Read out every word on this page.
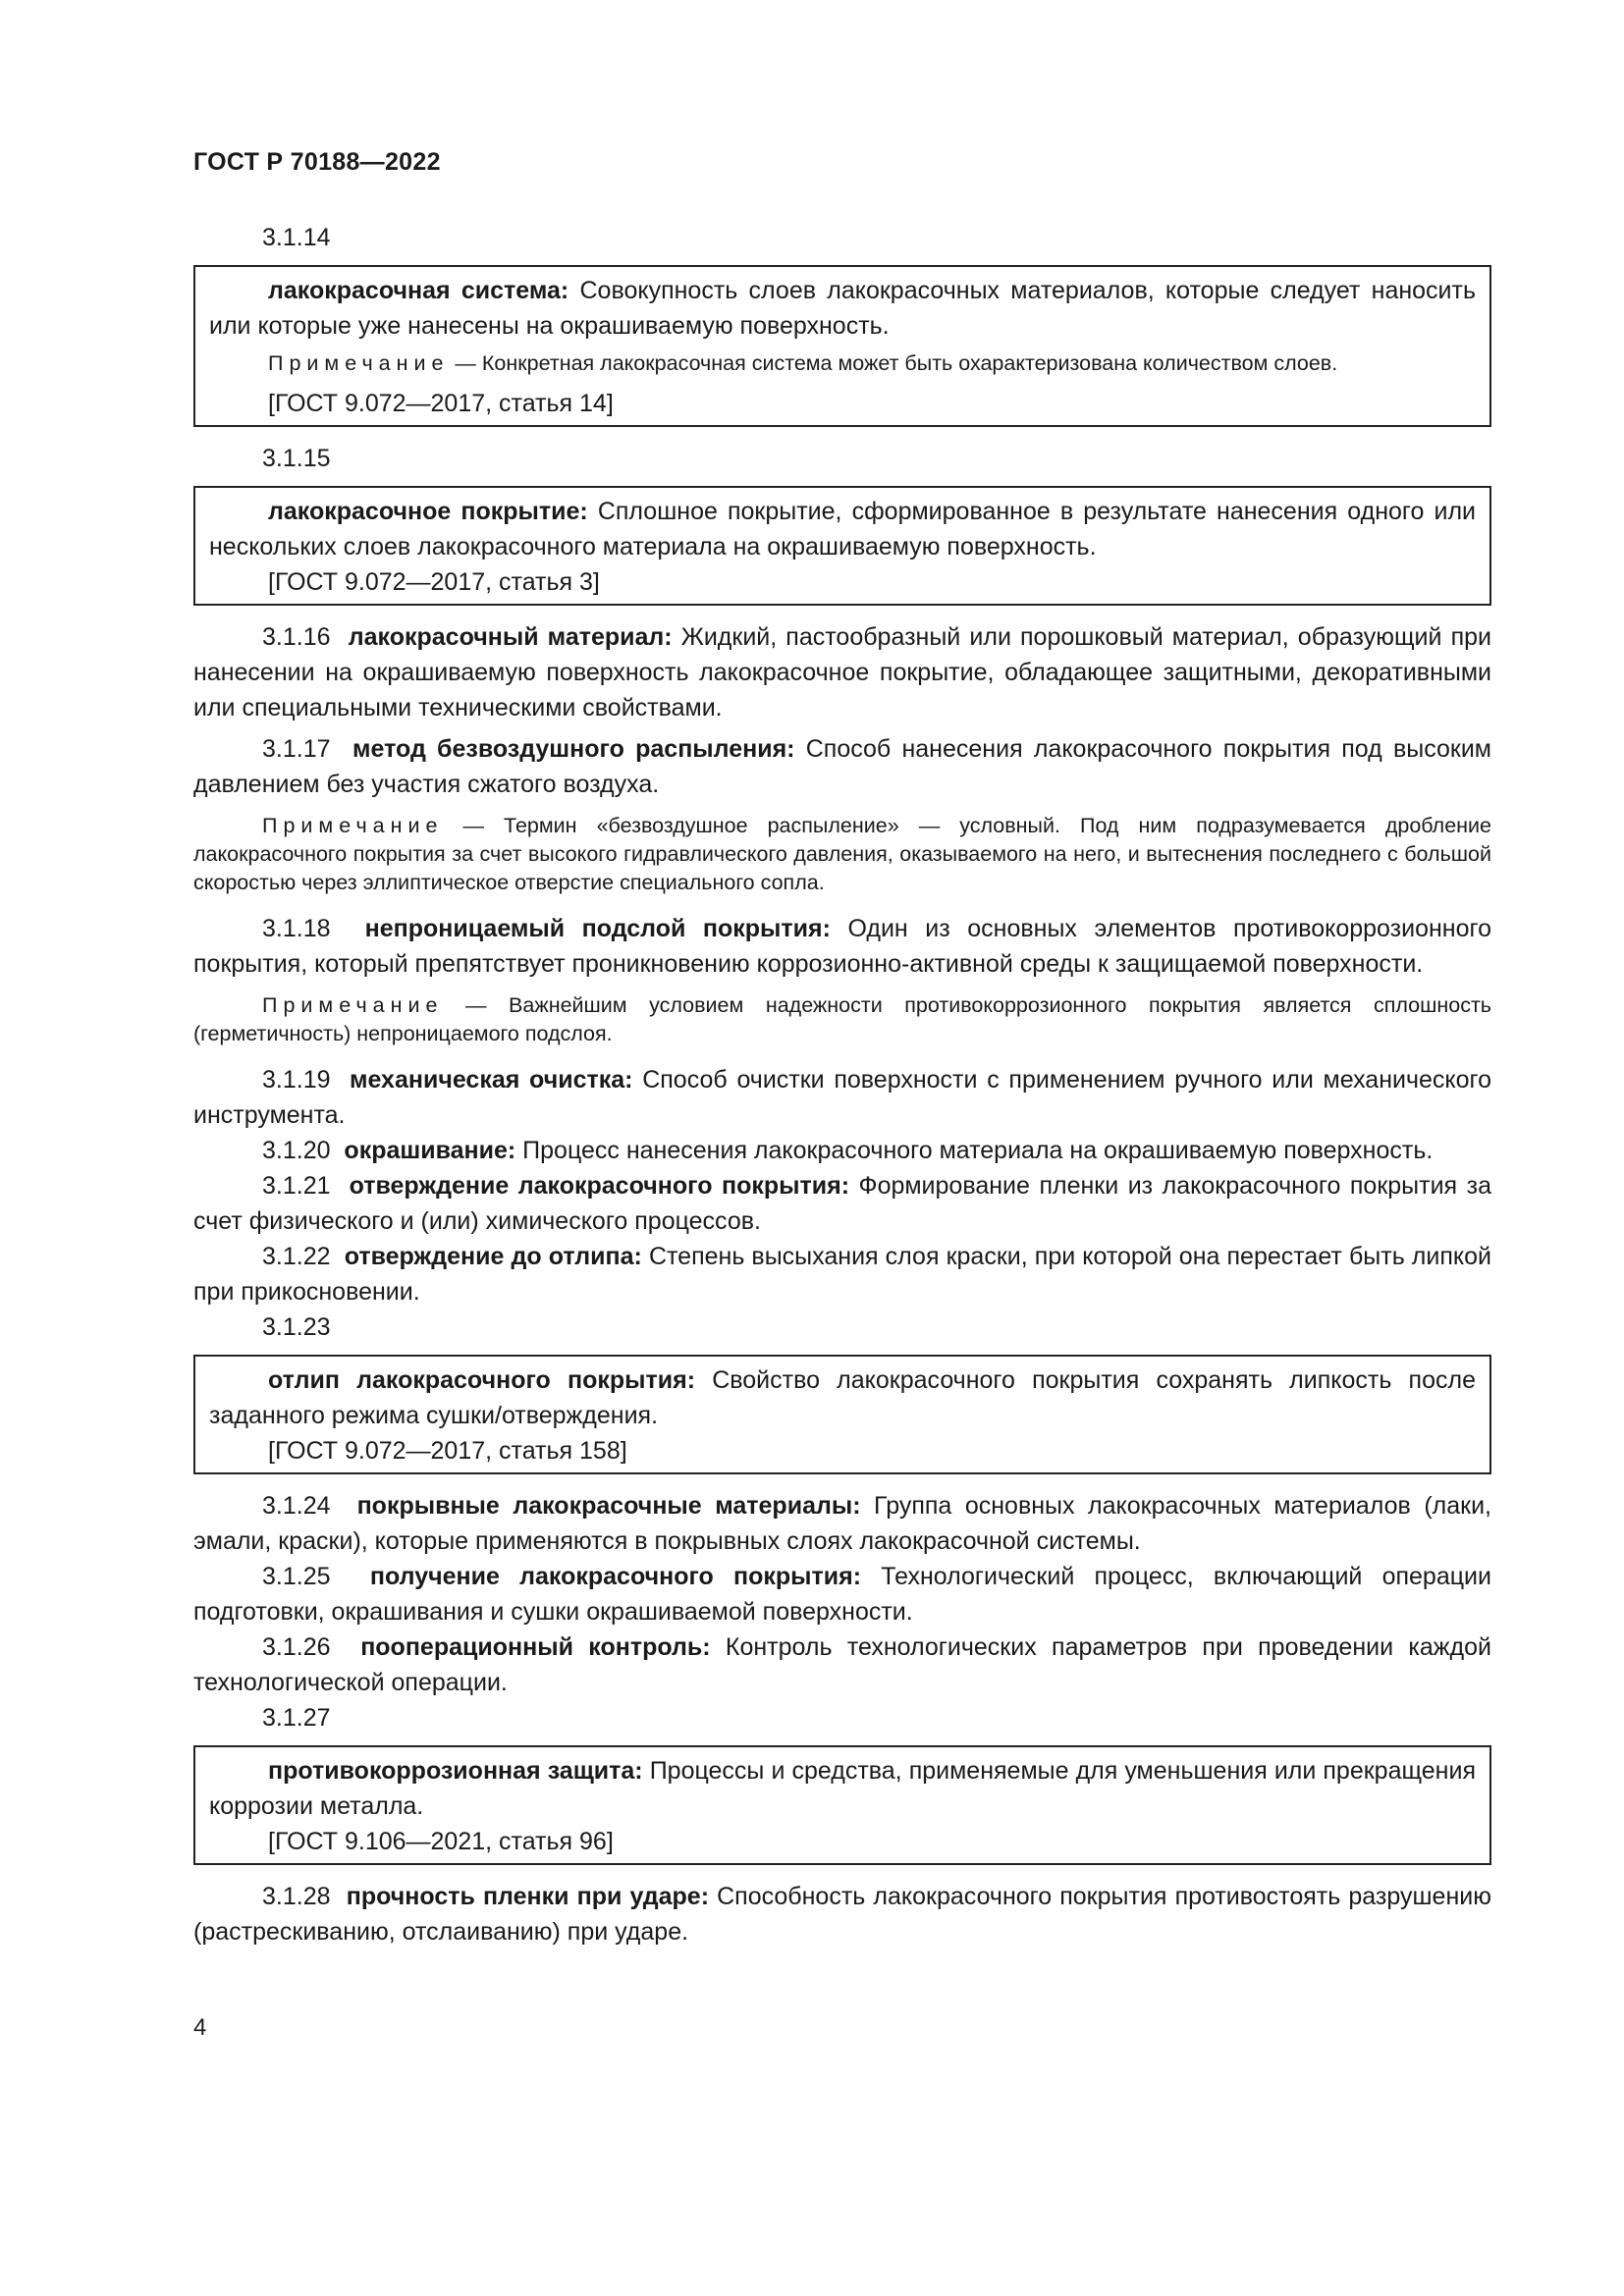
ГОСТ Р 70188—2022

3.1.14

лакокрасочная система: Совокупность слоев лакокрасочных материалов, которые следует наносить или которые уже нанесены на окрашиваемую поверхность.

Примечание — Конкретная лакокрасочная система может быть охарактеризована количеством слоев.

[ГОСТ 9.072—2017, статья 14]

3.1.15

лакокрасочное покрытие: Сплошное покрытие, сформированное в результате нанесения одного или нескольких слоев лакокрасочного материала на окрашиваемую поверхность.

[ГОСТ 9.072—2017, статья 3]

3.1.16 лакокрасочный материал: Жидкий, пастообразный или порошковый материал, образующий при нанесении на окрашиваемую поверхность лакокрасочное покрытие, обладающее защитными, декоративными или специальными техническими свойствами.

3.1.17 метод безвоздушного распыления: Способ нанесения лакокрасочного покрытия под высоким давлением без участия сжатого воздуха.

Примечание — Термин «безвоздушное распыление» — условный. Под ним подразумевается дробление лакокрасочного покрытия за счет высокого гидравлического давления, оказываемого на него, и вытеснения последнего с большой скоростью через эллиптическое отверстие специального сопла.

3.1.18 непроницаемый подслой покрытия: Один из основных элементов противокоррозионного покрытия, который препятствует проникновению коррозионно-активной среды к защищаемой поверхности.

Примечание — Важнейшим условием надежности противокоррозионного покрытия является сплошность (герметичность) непроницаемого подслоя.

3.1.19 механическая очистка: Способ очистки поверхности с применением ручного или механического инструмента.

3.1.20 окрашивание: Процесс нанесения лакокрасочного материала на окрашиваемую поверхность.

3.1.21 отверждение лакокрасочного покрытия: Формирование пленки из лакокрасочного покрытия за счет физического и (или) химического процессов.

3.1.22 отверждение до отлипа: Степень высыхания слоя краски, при которой она перестает быть липкой при прикосновении.

3.1.23

отлип лакокрасочного покрытия: Свойство лакокрасочного покрытия сохранять липкость после заданного режима сушки/отверждения.

[ГОСТ 9.072—2017, статья 158]

3.1.24 покрывные лакокрасочные материалы: Группа основных лакокрасочных материалов (лаки, эмали, краски), которые применяются в покрывных слоях лакокрасочной системы.

3.1.25 получение лакокрасочного покрытия: Технологический процесс, включающий операции подготовки, окрашивания и сушки окрашиваемой поверхности.

3.1.26 пооперационный контроль: Контроль технологических параметров при проведении каждой технологической операции.

3.1.27

противокоррозионная защита: Процессы и средства, применяемые для уменьшения или прекращения коррозии металла.

[ГОСТ 9.106—2021, статья 96]

3.1.28 прочность пленки при ударе: Способность лакокрасочного покрытия противостоять разрушению (растрескиванию, отслаиванию) при ударе.

4
